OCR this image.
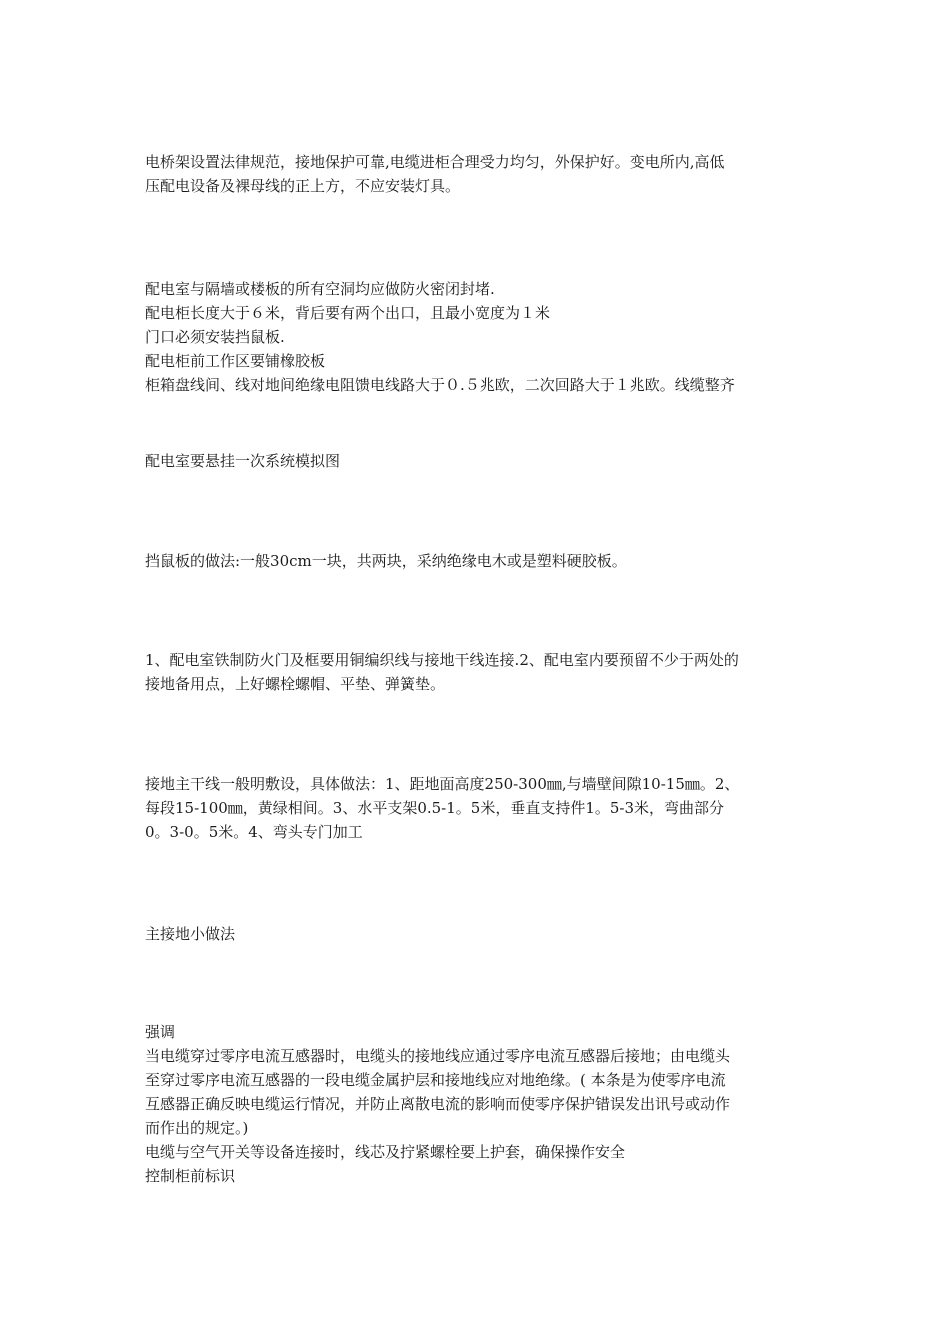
电桥架设置法律规范，接地保护可靠,电缆进柜合理受力均匀，外保护好。变电所内,高低
压配电设备及裸母线的正上方，不应安装灯具。

配电室与隔墙或楼板的所有空洞均应做防火密闭封堵.
配电柜长度大于６米，背后要有两个出口，且最小宽度为１米
门口必须安装挡鼠板.
配电柜前工作区要铺橡胶板
柜箱盘线间、线对地间绝缘电阻馈电线路大于０.５兆欧，二次回路大于１兆欧。线缆整齐

配电室要悬挂一次系统模拟图

挡鼠板的做法:一般30cm一块，共两块，采纳绝缘电木或是塑料硬胶板。

1、配电室铁制防火门及框要用铜编织线与接地干线连接.2、配电室内要预留不少于两处的
接地备用点，上好螺栓螺帽、平垫、弹簧垫。

接地主干线一般明敷设，具体做法：1、距地面高度250-300㎜,与墙壁间隙10-15㎜。2、
每段15-100㎜，黄绿相间。3、水平支架0.5-1。5米，垂直支持件1。5-3米，弯曲部分
0。3-0。5米。4、弯头专门加工

主接地小做法

强调
当电缆穿过零序电流互感器时，电缆头的接地线应通过零序电流互感器后接地；由电缆头
至穿过零序电流互感器的一段电缆金属护层和接地线应对地绝缘。( 本条是为使零序电流
互感器正确反映电缆运行情况，并防止离散电流的影响而使零序保护错误发出讯号或动作
而作出的规定。)
电缆与空气开关等设备连接时，线芯及拧紧螺栓要上护套，确保操作安全
控制柜前标识
